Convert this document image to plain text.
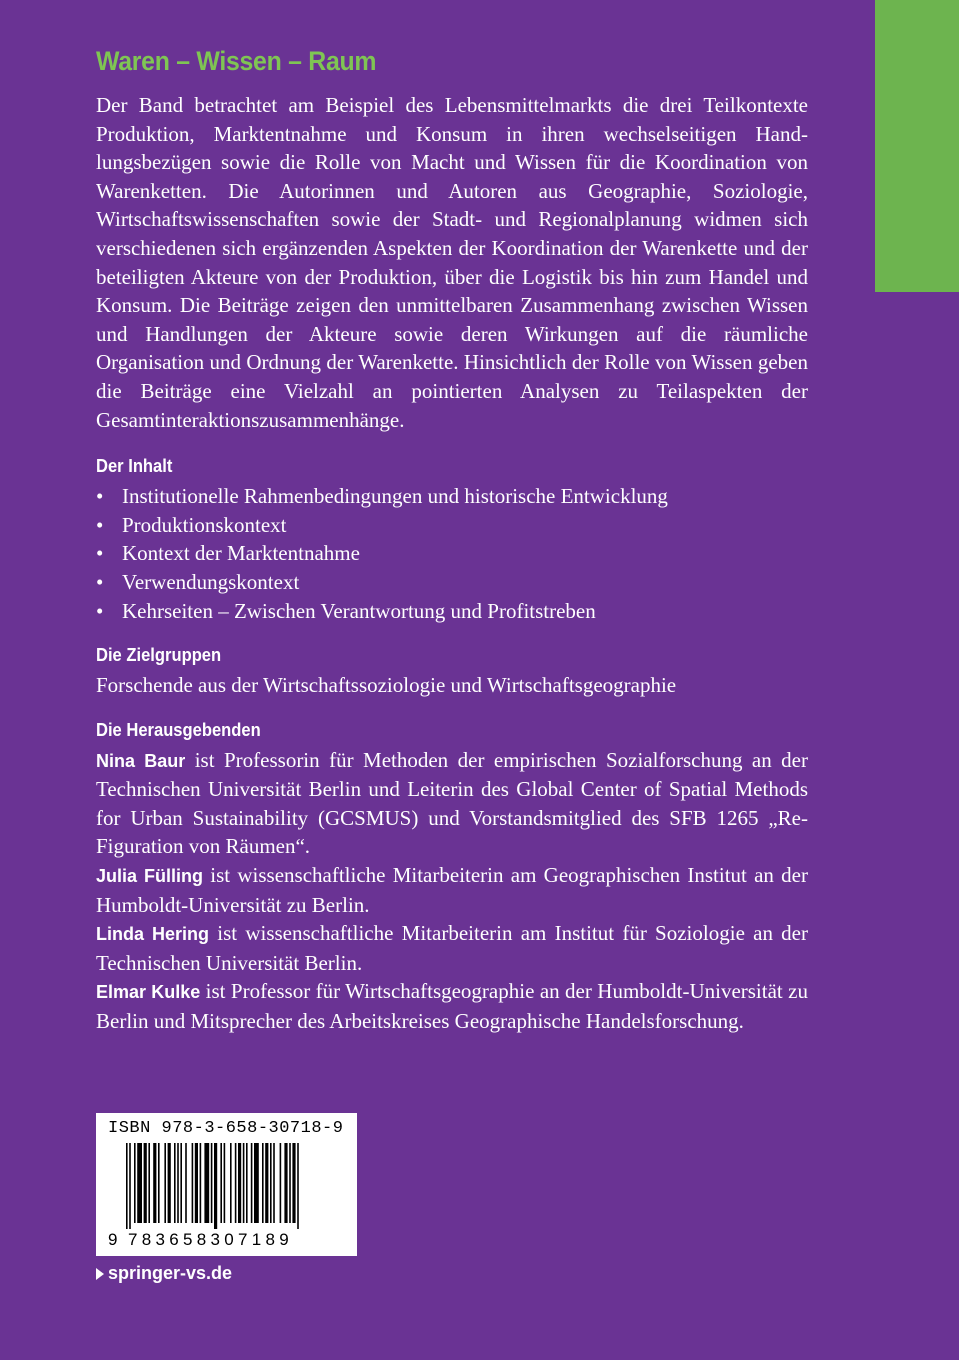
Waren – Wissen – Raum

Der Band betrachtet am Beispiel des Lebensmittelmarkts die drei Teilkontexte Produktion, Marktentnahme und Konsum in ihren wechselseitigen Handlungsbezügen sowie die Rolle von Macht und Wissen für die Koordination von Warenketten. Die Autorinnen und Autoren aus Geographie, Soziologie, Wirtschaftswissenschaften sowie der Stadt- und Regionalplanung widmen sich verschiedenen sich ergänzenden Aspekten der Koordination der Warenkette und der beteiligten Akteure von der Produktion, über die Logistik bis hin zum Handel und Konsum. Die Beiträge zeigen den unmittelbaren Zusammenhang zwischen Wissen und Handlungen der Akteure sowie deren Wirkungen auf die räumliche Organisation und Ordnung der Warenkette. Hinsichtlich der Rolle von Wissen geben die Beiträge eine Vielzahl an pointierten Analysen zu Teilaspekten der Gesamtinteraktionszusammenhänge.

Der Inhalt
• Institutionelle Rahmenbedingungen und historische Entwicklung
• Produktionskontext
• Kontext der Marktentnahme
• Verwendungskontext
• Kehrseiten – Zwischen Verantwortung und Profitstreben
Die Zielgruppen

Forschende aus der Wirtschaftssoziologie und Wirtschaftsgeographie

Die Herausgebenden

Nina Baur ist Professorin für Methoden der empirischen Sozialforschung an der Technischen Universität Berlin und Leiterin des Global Center of Spatial Methods for Urban Sustainability (GCSMUS) und Vorstandsmitglied des SFB 1265 „Re-Figuration von Räumen“.

Julia Fülling ist wissenschaftliche Mitarbeiterin am Geographischen Institut an der Humboldt-Universität zu Berlin.

Linda Hering ist wissenschaftliche Mitarbeiterin am Institut für Soziologie an der Technischen Universität Berlin.

Elmar Kulke ist Professor für Wirtschaftsgeographie an der Humboldt-Universität zu Berlin und Mitsprecher des Arbeitskreises Geographische Handelsforschung.

ISBN 978-3-658-30718-9
9 783658307189
springer-vs.de
